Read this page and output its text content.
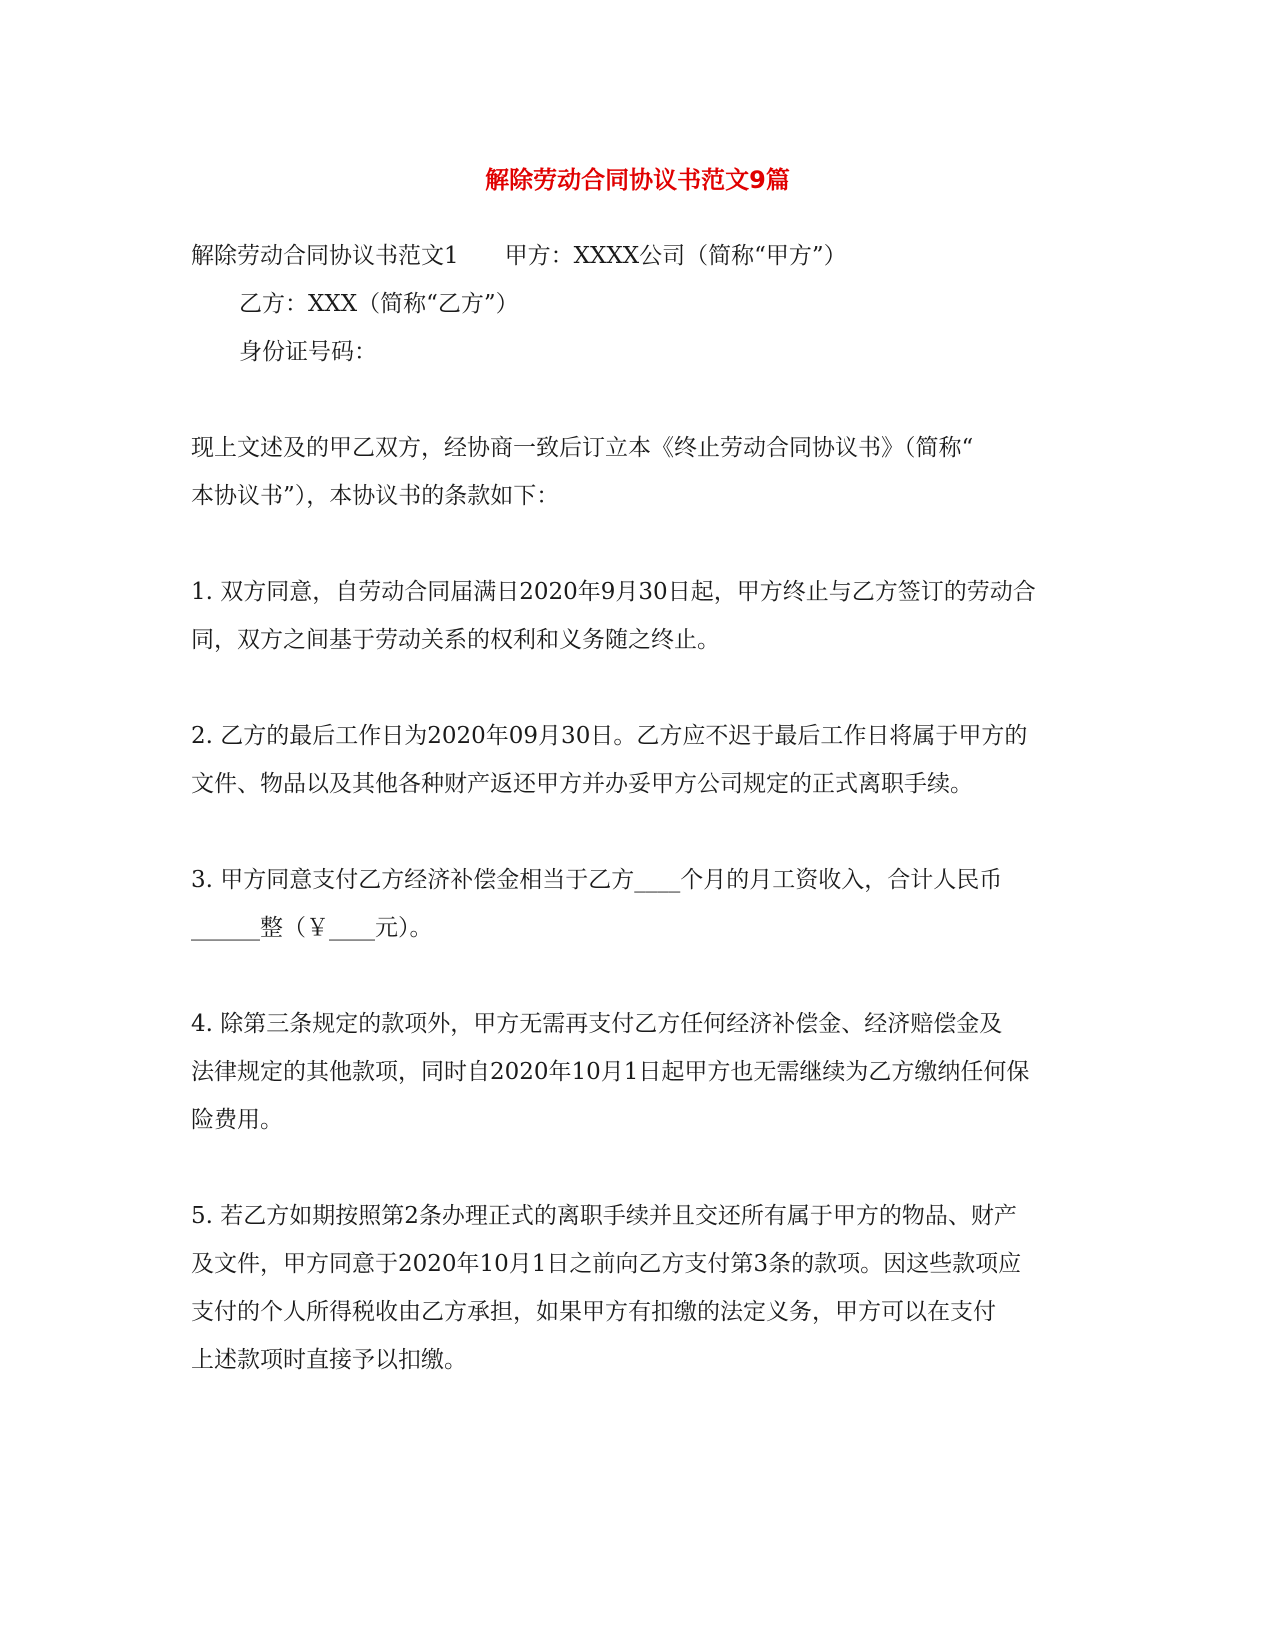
解除劳动合同协议书范文9篇
解除劳动合同协议书范文1　　甲方：XXXX公司（简称“甲方”）
乙方：XXX（简称“乙方”）
身份证号码：
现上文述及的甲乙双方，经协商一致后订立本《终止劳动合同协议书》（简称“
本协议书”），本协议书的条款如下：
1. 双方同意，自劳动合同届满日2020年9月30日起，甲方终止与乙方签订的劳动合
同，双方之间基于劳动关系的权利和义务随之终止。
2. 乙方的最后工作日为2020年09月30日。乙方应不迟于最后工作日将属于甲方的
文件、物品以及其他各种财产返还甲方并办妥甲方公司规定的正式离职手续。
3. 甲方同意支付乙方经济补偿金相当于乙方____个月的月工资收入，合计人民币
______整（￥____元）。
4. 除第三条规定的款项外，甲方无需再支付乙方任何经济补偿金、经济赔偿金及
法律规定的其他款项，同时自2020年10月1日起甲方也无需继续为乙方缴纳任何保
险费用。
5. 若乙方如期按照第2条办理正式的离职手续并且交还所有属于甲方的物品、财产
及文件，甲方同意于2020年10月1日之前向乙方支付第3条的款项。因这些款项应
支付的个人所得税收由乙方承担，如果甲方有扣缴的法定义务，甲方可以在支付
上述款项时直接予以扣缴。
